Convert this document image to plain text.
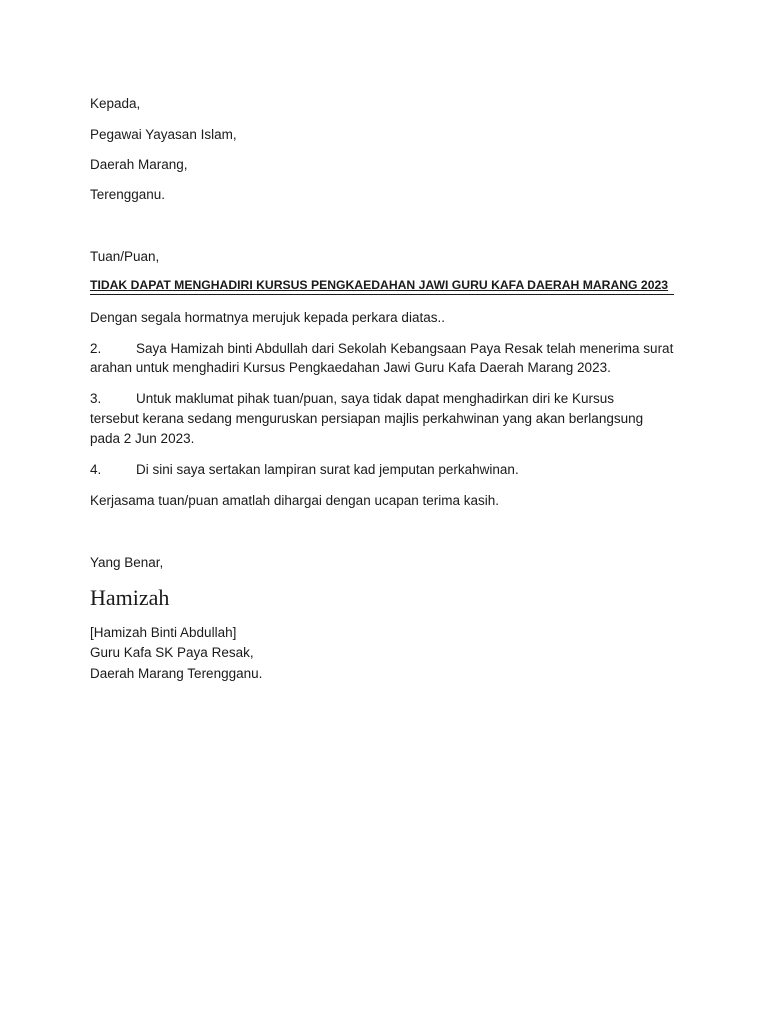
Kepada,
Pegawai Yayasan Islam,
Daerah Marang,
Terengganu.
Tuan/Puan,
TIDAK DAPAT MENGHADIRI KURSUS PENGKAEDAHAN JAWI GURU KAFA DAERAH MARANG 2023
Dengan segala hormatnya merujuk kepada perkara diatas..
2.	Saya Hamizah binti Abdullah dari Sekolah Kebangsaan Paya Resak telah menerima surat
arahan untuk menghadiri Kursus Pengkaedahan Jawi Guru Kafa Daerah Marang 2023.
3.	Untuk maklumat pihak tuan/puan, saya tidak dapat menghadirkan diri ke Kursus
tersebut kerana sedang menguruskan persiapan majlis perkahwinan yang akan berlangsung
pada 2 Jun 2023.
4.	Di sini saya sertakan lampiran surat kad jemputan perkahwinan.
Kerjasama tuan/puan amatlah dihargai dengan ucapan terima kasih.
Yang Benar,
Hamizah
[Hamizah Binti Abdullah]
Guru Kafa SK Paya Resak,
Daerah Marang Terengganu.
